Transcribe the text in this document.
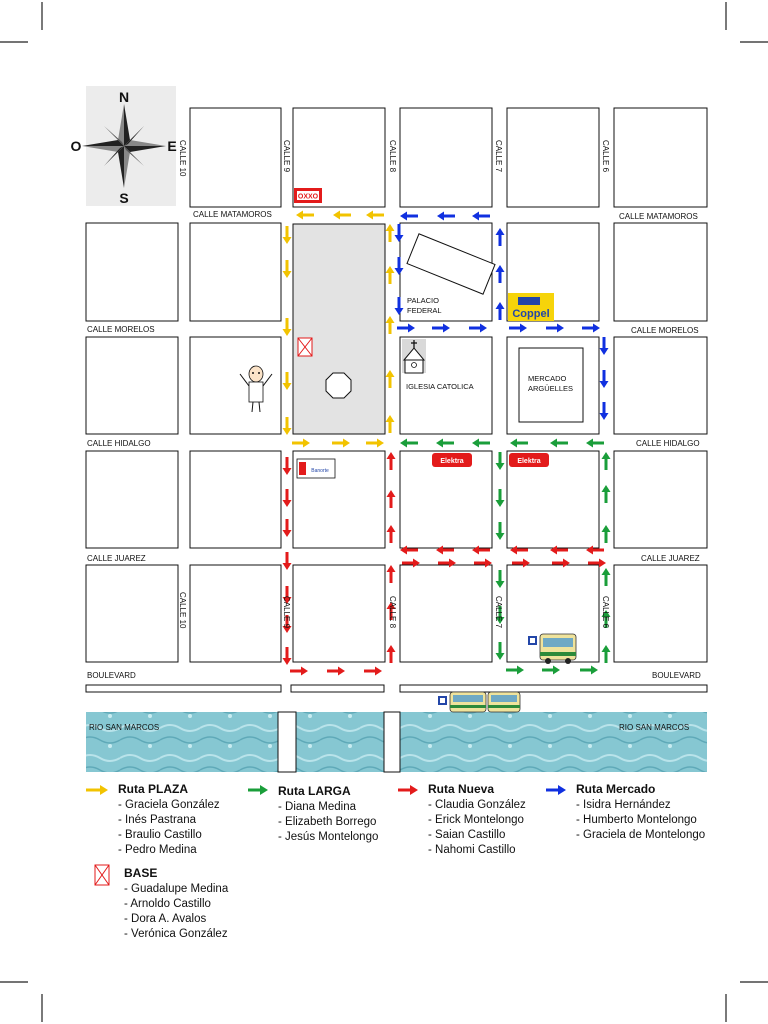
N
S
E
O
OXXO
Coppel
Banorte
Elektra	Elektra
CALLE MATAMOROS	CALLE MATAMOROS
CALLE MORELOS	CALLE MORELOS
CALLE HIDALGO	CALLE HIDALGO
CALLE JUAREZ	CALLE JUAREZ
BOULEVARD	BOULEVARD
RIO SAN MARCOS	RIO SAN MARCOS
CALLE 10
CALLE 10
CALLE 9
CALLE 9
CALLE 8
CALLE 8
CALLE 7
CALLE 7
CALLE 6
CALLE 6
PALACIO
FEDERAL
IGLESIA CATOLICA
MERCADO
ARGÜELLES
Ruta PLAZA
- Graciela González
- Inés Pastrana
- Braulio Castillo
- Pedro Medina
Ruta LARGA
- Diana Medina
- Elizabeth Borrego
- Jesús Montelongo
Ruta Nueva
- Claudia González
- Erick Montelongo
- Saian Castillo
- Nahomi Castillo
Ruta Mercado
- Isidra Hernández
- Humberto Montelongo
- Graciela de Montelongo
BASE
- Guadalupe Medina
- Arnoldo Castillo
- Dora A. Avalos
- Verónica González
